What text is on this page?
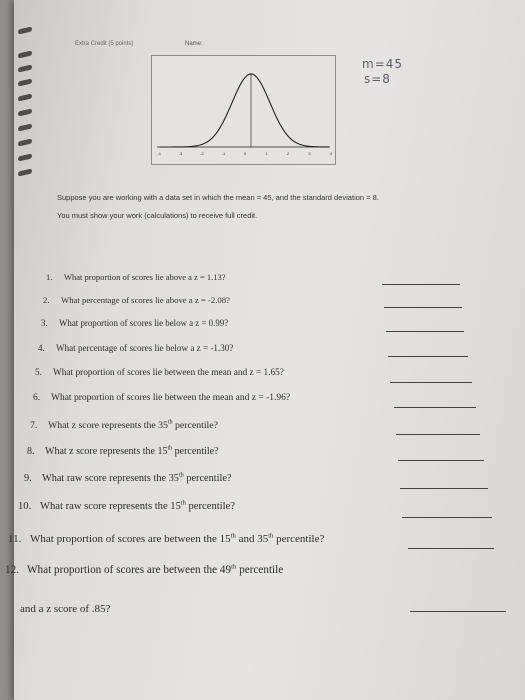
Extra Credit (5 points)	Name:
m=45
s=8
-4	-3	-2	-1	0	1	2	3	4
Suppose you are working with a data set in which the mean = 45, and the standard deviation = 8.
You must show your work (calculations) to receive full credit.
1. What proportion of scores lie above a z = 1.13?
2. What percentage of scores lie above a z = -2.08?
3. What proportion of scores lie below a z = 0.99?
4. What percentage of scores lie below a z = -1.30?
5. What proportion of scores lie between the mean and z = 1.65?
6. What proportion of scores lie between the mean and z = -1.96?
7. What z score represents the 35th percentile?
8. What z score represents the 15th percentile?
9. What raw score represents the 35th percentile?
10. What raw score represents the 15th percentile?
11. What proportion of scores are between the 15th and 35th percentile?
12. What proportion of scores are between the 49th percentile
and a z score of .85?
